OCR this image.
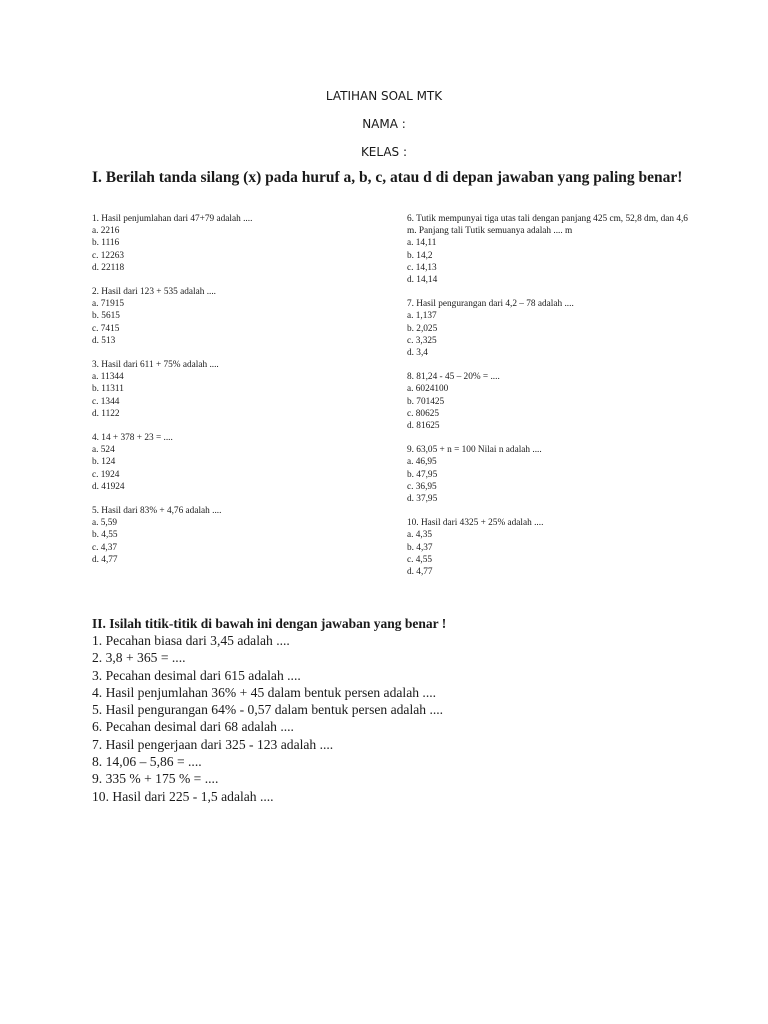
LATIHAN SOAL MTK
NAMA :
KELAS :
I. Berilah tanda silang (x) pada huruf a, b, c, atau d di depan jawaban yang paling benar!
1. Hasil penjumlahan dari 47+79 adalah ....
a. 2216
b. 1116
c. 12263
d. 22118
2. Hasil dari 123 + 535 adalah ....
a. 71915
b. 5615
c. 7415
d. 513
3. Hasil dari 611 + 75% adalah ....
a. 11344
b. 11311
c. 1344
d. 1122
4. 14 + 378 + 23 = ....
a. 524
b. 124
c. 1924
d. 41924
5. Hasil dari 83% + 4,76 adalah ....
a. 5,59
b. 4,55
c. 4,37
d. 4,77
6. Tutik mempunyai tiga utas tali dengan panjang 425 cm, 52,8 dm, dan 4,6 m. Panjang tali Tutik semuanya adalah .... m
a. 14,11
b. 14,2
c. 14,13
d. 14,14
7. Hasil pengurangan dari 4,2 – 78 adalah ....
a. 1,137
b. 2,025
c. 3,325
d. 3,4
8. 81,24 - 45 – 20% = ....
a. 6024100
b. 701425
c. 80625
d. 81625
9. 63,05 + n = 100 Nilai n adalah ....
a. 46,95
b. 47,95
c. 36,95
d. 37,95
10. Hasil dari 4325 + 25% adalah ....
a. 4,35
b. 4,37
c. 4,55
d. 4,77
II. Isilah titik-titik di bawah ini dengan jawaban yang benar !
1. Pecahan biasa dari 3,45 adalah ....
2. 3,8 + 365 = ....
3. Pecahan desimal dari 615 adalah ....
4. Hasil penjumlahan 36% + 45 dalam bentuk persen adalah ....
5. Hasil pengurangan 64% - 0,57 dalam bentuk persen adalah ....
6. Pecahan desimal dari 68 adalah ....
7. Hasil pengerjaan dari 325 - 123 adalah ....
8. 14,06 – 5,86 = ....
9. 335 % + 175 % = ....
10. Hasil dari 225 - 1,5 adalah ....
